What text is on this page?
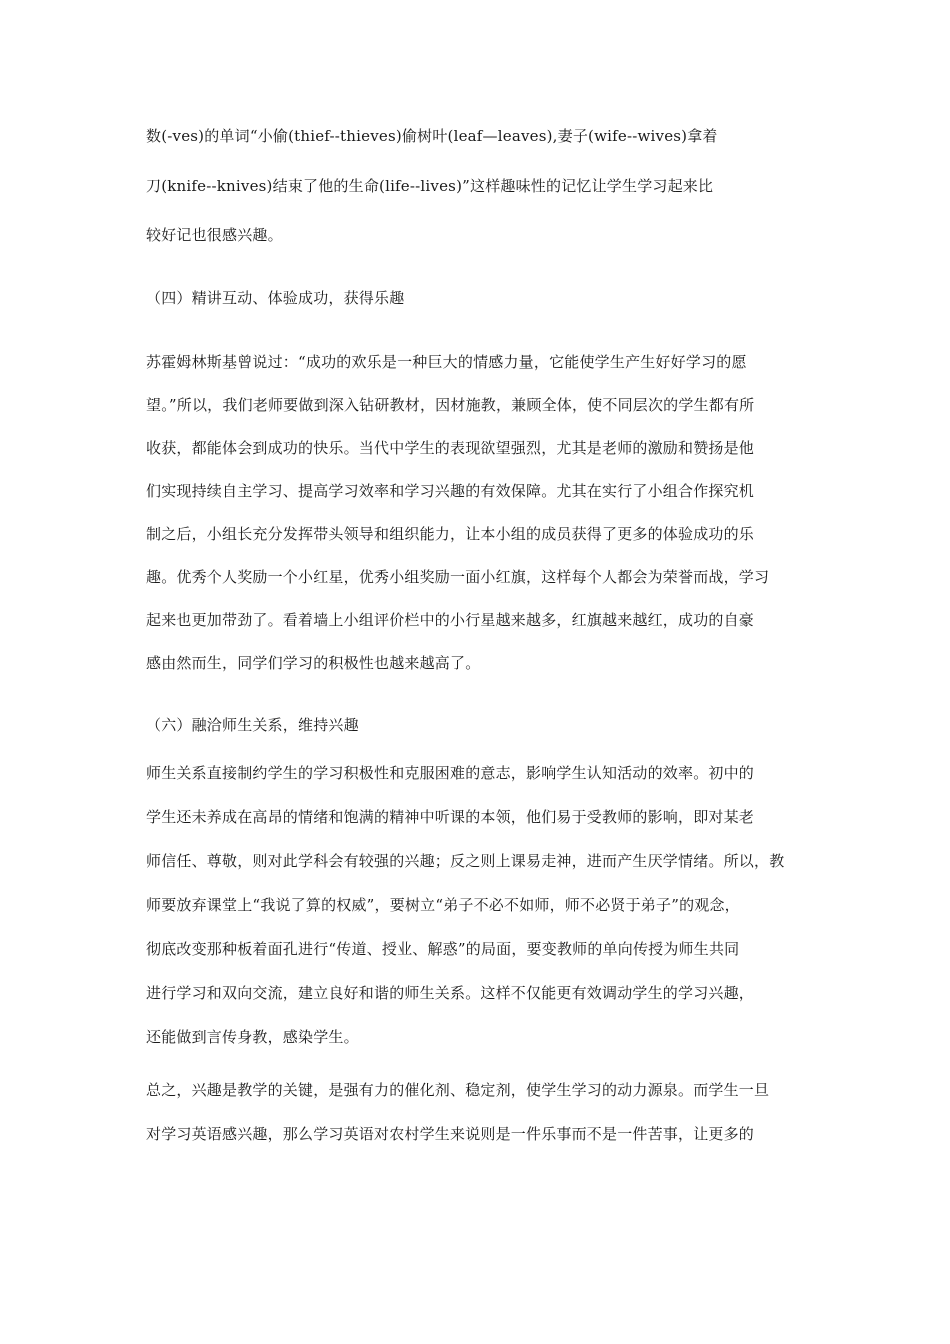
数(-ves)的单词“小偷(thief--thieves)偷树叶(leaf—leaves),妻子(wife--wives)拿着
刀(knife--knives)结束了他的生命(life--lives)”这样趣味性的记忆让学生学习起来比
较好记也很感兴趣。
（四）精讲互动、体验成功，获得乐趣
苏霍姆林斯基曾说过：“成功的欢乐是一种巨大的情感力量，它能使学生产生好好学习的愿
望。”所以，我们老师要做到深入钻研教材，因材施教，兼顾全体，使不同层次的学生都有所
收获，都能体会到成功的快乐。当代中学生的表现欲望强烈，尤其是老师的激励和赞扬是他
们实现持续自主学习、提高学习效率和学习兴趣的有效保障。尤其在实行了小组合作探究机
制之后，小组长充分发挥带头领导和组织能力，让本小组的成员获得了更多的体验成功的乐
趣。优秀个人奖励一个小红星，优秀小组奖励一面小红旗，这样每个人都会为荣誉而战，学习
起来也更加带劲了。看着墙上小组评价栏中的小行星越来越多，红旗越来越红，成功的自豪
感由然而生，同学们学习的积极性也越来越高了。
（六）融洽师生关系，维持兴趣
师生关系直接制约学生的学习积极性和克服困难的意志，影响学生认知活动的效率。初中的
学生还未养成在高昂的情绪和饱满的精神中听课的本领，他们易于受教师的影响，即对某老
师信任、尊敬，则对此学科会有较强的兴趣；反之则上课易走神，进而产生厌学情绪。所以，教
师要放弃课堂上“我说了算的权威”，要树立“弟子不必不如师，师不必贤于弟子”的观念，
彻底改变那种板着面孔进行“传道、授业、解惑”的局面，要变教师的单向传授为师生共同
进行学习和双向交流，建立良好和谐的师生关系。这样不仅能更有效调动学生的学习兴趣，
还能做到言传身教，感染学生。
总之，兴趣是教学的关键，是强有力的催化剂、稳定剂，使学生学习的动力源泉。而学生一旦
对学习英语感兴趣，那么学习英语对农村学生来说则是一件乐事而不是一件苦事，让更多的
